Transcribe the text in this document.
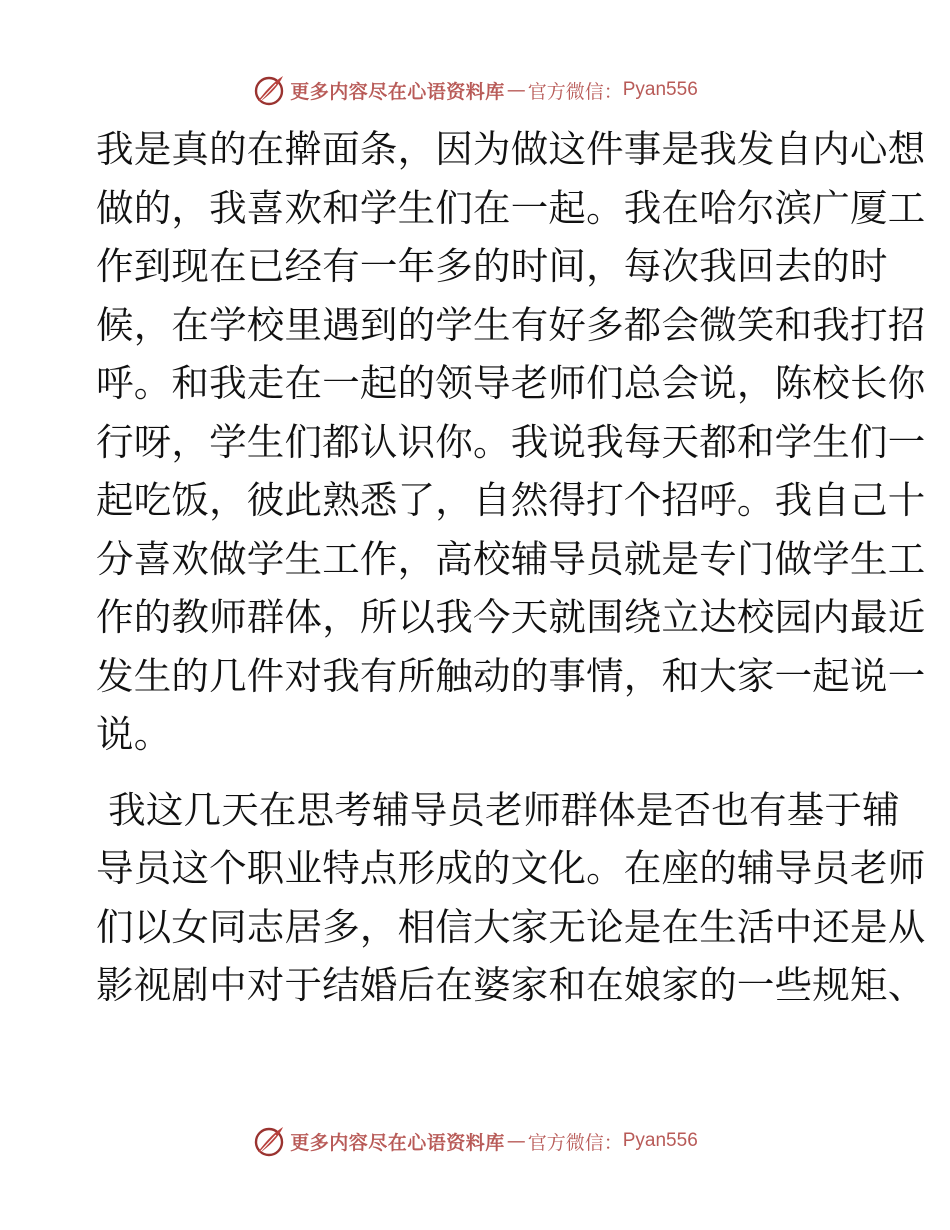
更多内容尽在心语资料库 — 官方微信： Pyan556

我是真的在擀面条，因为做这件事是我发自内心想
做的，我喜欢和学生们在一起。我在哈尔滨广厦工
作到现在已经有一年多的时间，每次我回去的时
候，在学校里遇到的学生有好多都会微笑和我打招
呼。和我走在一起的领导老师们总会说，陈校长你
行呀，学生们都认识你。我说我每天都和学生们一
起吃饭，彼此熟悉了，自然得打个招呼。我自己十
分喜欢做学生工作，高校辅导员就是专门做学生工
作的教师群体，所以我今天就围绕立达校园内最近
发生的几件对我有所触动的事情，和大家一起说一
说。

我这几天在思考辅导员老师群体是否也有基于辅
导员这个职业特点形成的文化。在座的辅导员老师
们以女同志居多，相信大家无论是在生活中还是从
影视剧中对于结婚后在婆家和在娘家的一些规矩、

更多内容尽在心语资料库 — 官方微信： Pyan556
